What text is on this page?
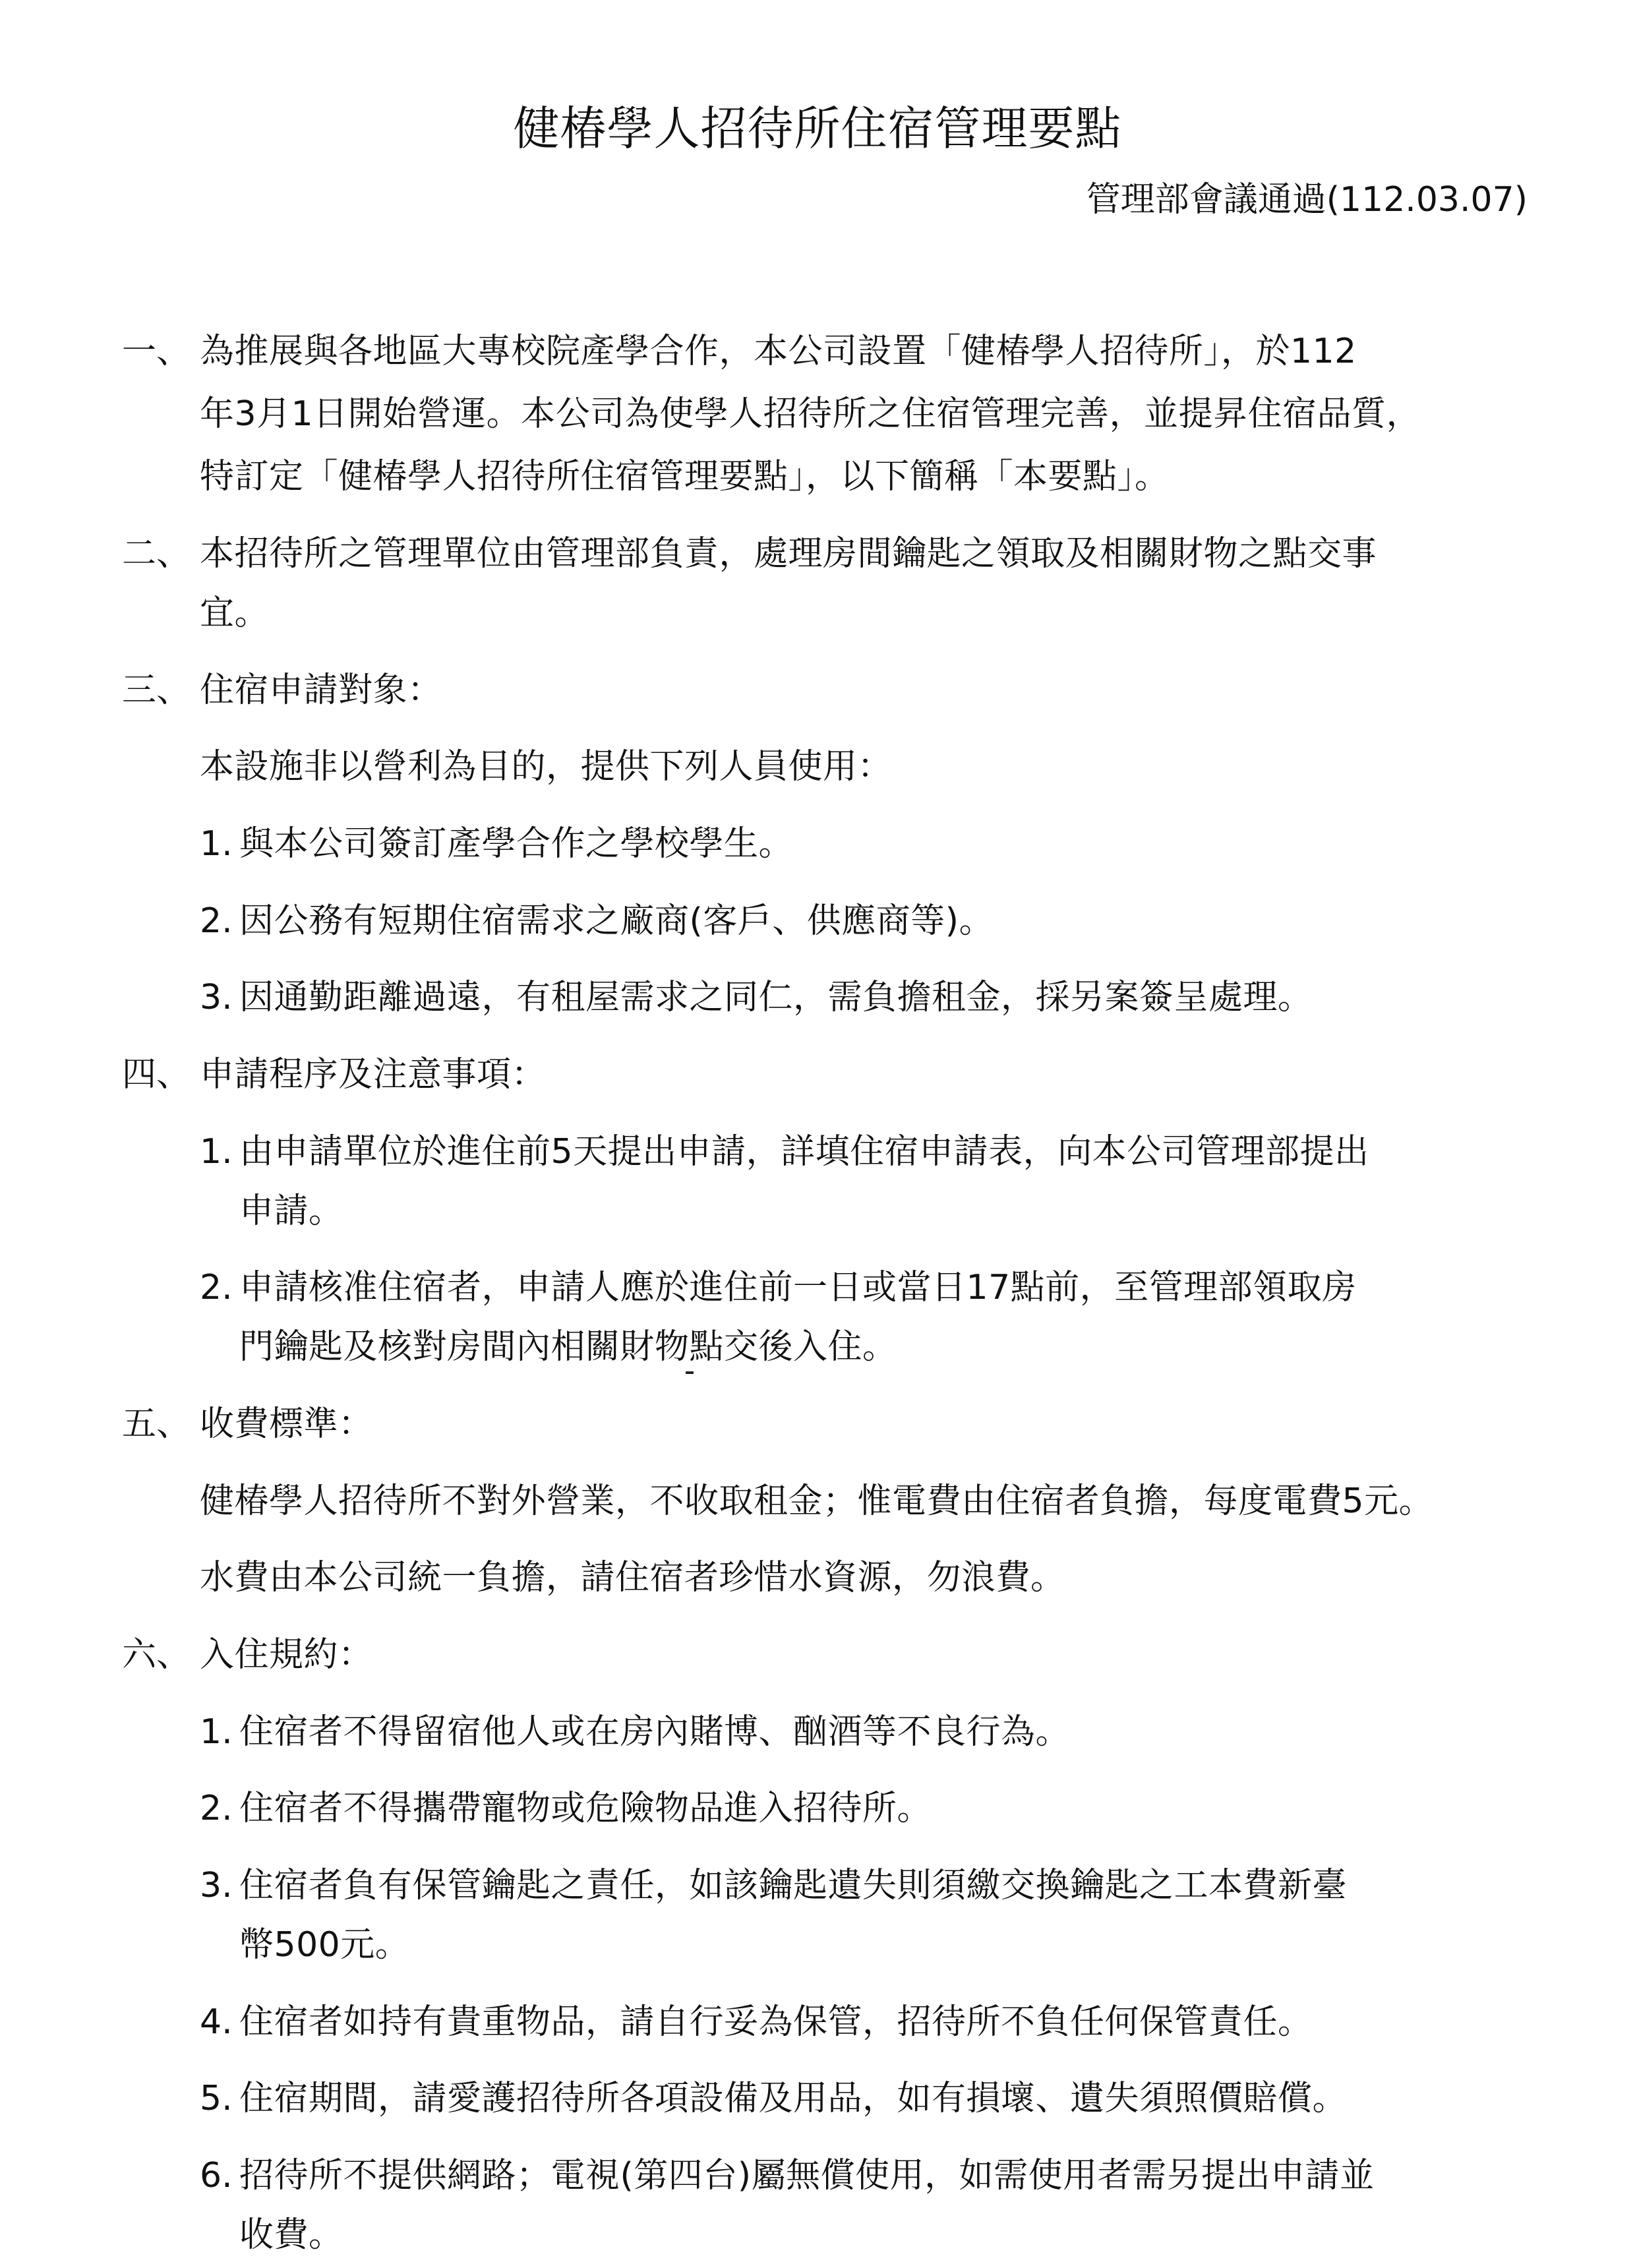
健椿學人招待所住宿管理要點
管理部會議通過(112.03.07)
一、 為推展與各地區大專校院產學合作，本公司設置「健椿學人招待所」，於112
年3月1日開始營運。本公司為使學人招待所之住宿管理完善，並提昇住宿品質，
特訂定「健椿學人招待所住宿管理要點」，以下簡稱「本要點」。
二、 本招待所之管理單位由管理部負責，處理房間鑰匙之領取及相關財物之點交事
宜。
三、 住宿申請對象：
本設施非以營利為目的，提供下列人員使用：
1. 與本公司簽訂產學合作之學校學生。
2. 因公務有短期住宿需求之廠商(客戶、供應商等)。
3. 因通勤距離過遠，有租屋需求之同仁，需負擔租金，採另案簽呈處理。
四、 申請程序及注意事項：
1. 由申請單位於進住前5天提出申請，詳填住宿申請表，向本公司管理部提出
申請。
2. 申請核准住宿者，申請人應於進住前一日或當日17點前，至管理部領取房
門鑰匙及核對房間內相關財物點交後入住。
五、 收費標準：
健椿學人招待所不對外營業，不收取租金；惟電費由住宿者負擔，每度電費5元。
水費由本公司統一負擔，請住宿者珍惜水資源，勿浪費。
六、 入住規約：
1. 住宿者不得留宿他人或在房內賭博、酗酒等不良行為。
2. 住宿者不得攜帶寵物或危險物品進入招待所。
3. 住宿者負有保管鑰匙之責任，如該鑰匙遺失則須繳交換鑰匙之工本費新臺
幣500元。
4. 住宿者如持有貴重物品，請自行妥為保管，招待所不負任何保管責任。
5. 住宿期間，請愛護招待所各項設備及用品，如有損壞、遺失須照價賠償。
6. 招待所不提供網路；電視(第四台)屬無償使用，如需使用者需另提出申請並
收費。
